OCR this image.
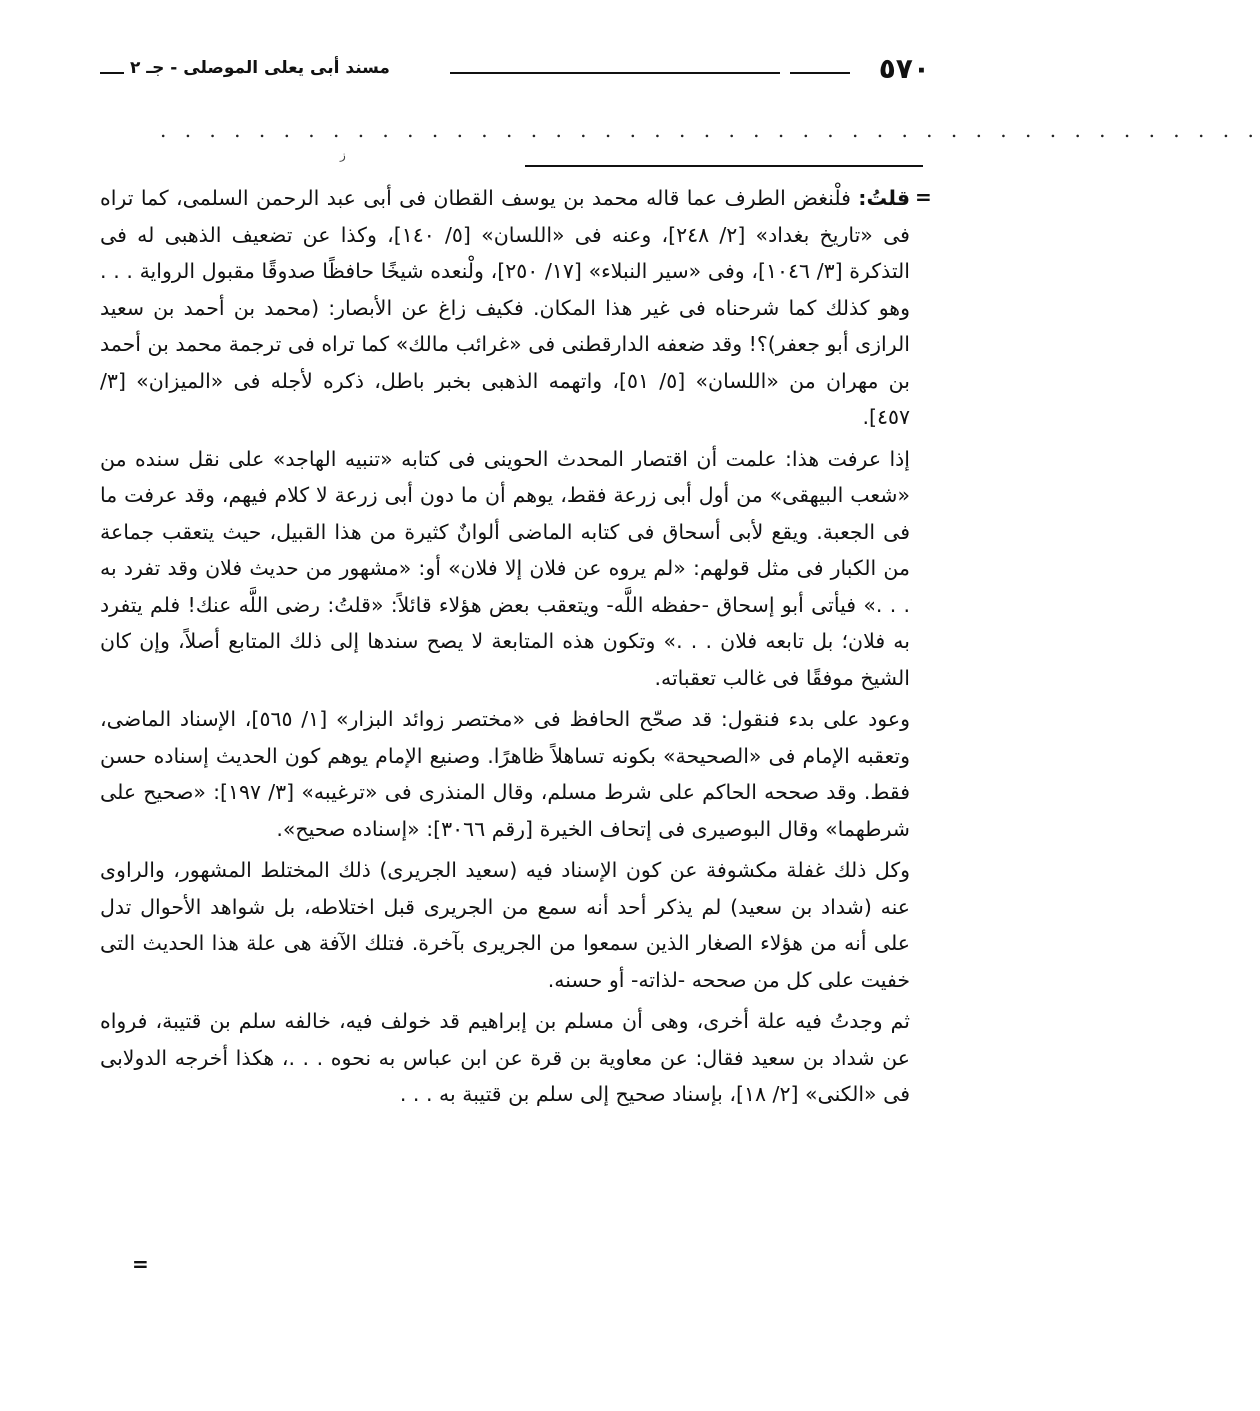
٥٧٠
مسند أبى يعلى الموصلى - جـ ٢
. . . . . . . . . . . . . . . . . . . . . . . . . . . . . . . . . . . . . . . . . . . . .
ز
=

قلتُ: فلْنغض الطرف عما قاله محمد بن يوسف القطان فى أبى عبد الرحمن السلمى، كما تراه فى «تاريخ بغداد» [٢/ ٢٤٨]، وعنه فى «اللسان» [٥/ ١٤٠]، وكذا عن تضعيف الذهبى له فى التذكرة [٣/ ١٠٤٦]، وفى «سير النبلاء» [١٧/ ٢٥٠]، ولْنعده شيخًا حافظًا صدوقًا مقبول الرواية . . . وهو كذلك كما شرحناه فى غير هذا المكان. فكيف زاغ عن الأبصار: (محمد بن أحمد بن سعيد الرازى أبو جعفر)؟! وقد ضعفه الدارقطنى فى «غرائب مالك» كما تراه فى ترجمة محمد بن أحمد بن مهران من «اللسان» [٥/ ٥١]، واتهمه الذهبى بخبر باطل، ذكره لأجله فى «الميزان» [٣/ ٤٥٧].

إذا عرفت هذا: علمت أن اقتصار المحدث الحوينى فى كتابه «تنبيه الهاجد» على نقل سنده من «شعب البيهقى» من أول أبى زرعة فقط، يوهم أن ما دون أبى زرعة لا كلام فيهم، وقد عرفت ما فى الجعبة. ويقع لأبى أسحاق فى كتابه الماضى ألوانٌ كثيرة من هذا القبيل، حيث يتعقب جماعة من الكبار فى مثل قولهم: «لم يروه عن فلان إلا فلان» أو: «مشهور من حديث فلان وقد تفرد به . . .» فيأتى أبو إسحاق -حفظه اللَّه- ويتعقب بعض هؤلاء قائلاً: «قلتُ: رضى اللَّه عنك! فلم يتفرد به فلان؛ بل تابعه فلان . . .» وتكون هذه المتابعة لا يصح سندها إلى ذلك المتابع أصلاً، وإن كان الشيخ موفقًا فى غالب تعقباته.

وعود على بدء فنقول: قد صحّح الحافظ فى «مختصر زوائد البزار» [١/ ٥٦٥]، الإسناد الماضى، وتعقبه الإمام فى «الصحيحة» بكونه تساهلاً ظاهرًا. وصنيع الإمام يوهم كون الحديث إسناده حسن فقط. وقد صححه الحاكم على شرط مسلم، وقال المنذرى فى «ترغيبه» [٣/ ١٩٧]: «صحيح على شرطهما» وقال البوصيرى فى إتحاف الخيرة [رقم ٣٠٦٦]: «إسناده صحيح».

وكل ذلك غفلة مكشوفة عن كون الإسناد فيه (سعيد الجريرى) ذلك المختلط المشهور، والراوى عنه (شداد بن سعيد) لم يذكر أحد أنه سمع من الجريرى قبل اختلاطه، بل شواهد الأحوال تدل على أنه من هؤلاء الصغار الذين سمعوا من الجريرى بآخرة. فتلك الآفة هى علة هذا الحديث التى خفيت على كل من صححه -لذاته- أو حسنه.

ثم وجدتُ فيه علة أخرى، وهى أن مسلم بن إبراهيم قد خولف فيه، خالفه سلم بن قتيبة، فرواه عن شداد بن سعيد فقال: عن معاوية بن قرة عن ابن عباس به نحوه . . .، هكذا أخرجه الدولابى فى «الكنى» [٢/ ١٨]، بإسناد صحيح إلى سلم بن قتيبة به . . .

=
